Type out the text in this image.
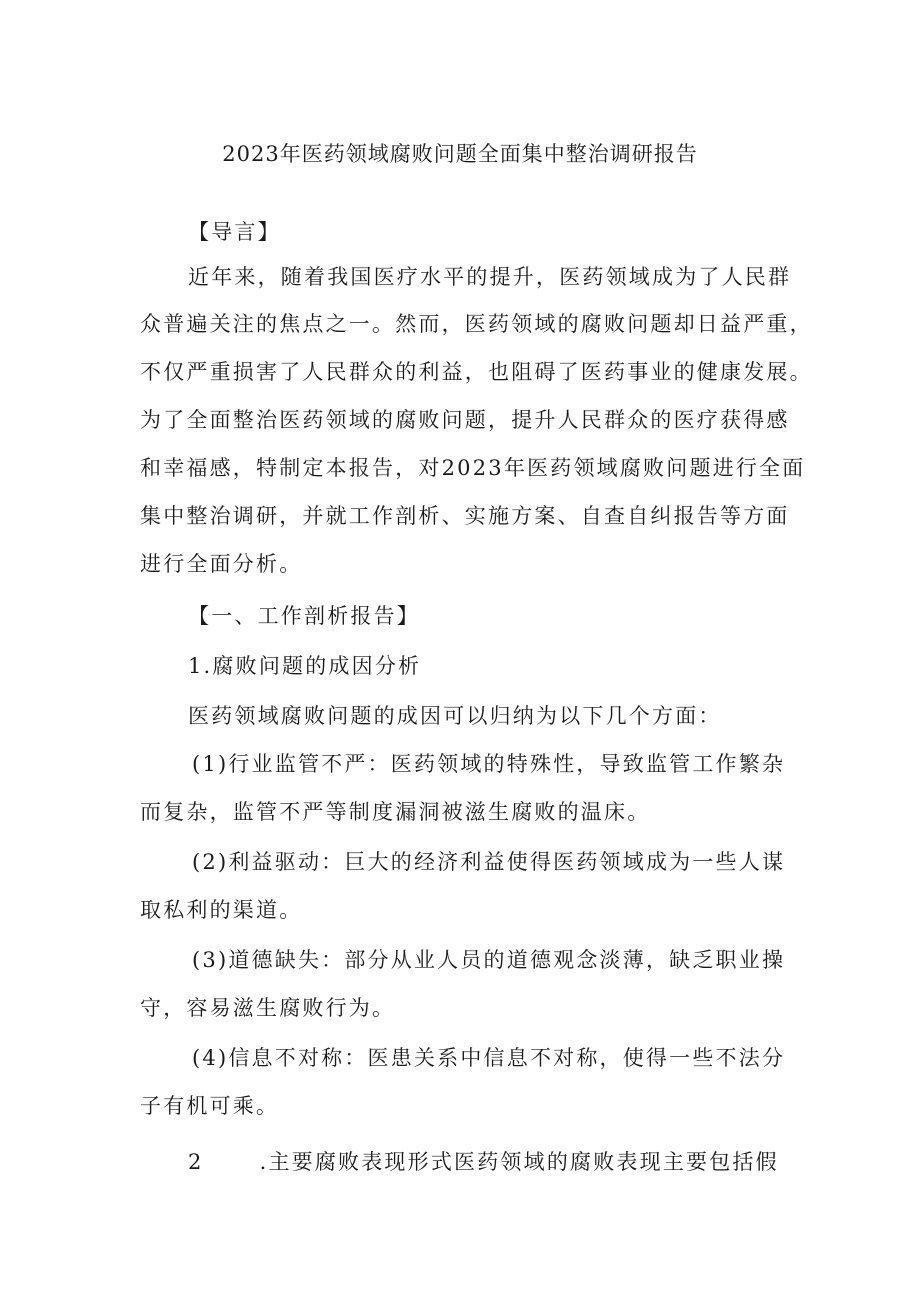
2023年医药领域腐败问题全面集中整治调研报告
【导言】
近年来，随着我国医疗水平的提升，医药领域成为了人民群
众普遍关注的焦点之一。然而，医药领域的腐败问题却日益严重，
不仅严重损害了人民群众的利益，也阻碍了医药事业的健康发展。
为了全面整治医药领域的腐败问题，提升人民群众的医疗获得感
和幸福感，特制定本报告，对2023年医药领域腐败问题进行全面
集中整治调研，并就工作剖析、实施方案、自查自纠报告等方面
进行全面分析。
【一、工作剖析报告】
1.腐败问题的成因分析
医药领域腐败问题的成因可以归纳为以下几个方面：
(1)行业监管不严：医药领域的特殊性，导致监管工作繁杂
而复杂，监管不严等制度漏洞被滋生腐败的温床。
(2)利益驱动：巨大的经济利益使得医药领域成为一些人谋
取私利的渠道。
(3)道德缺失：部分从业人员的道德观念淡薄，缺乏职业操
守，容易滋生腐败行为。
(4)信息不对称：医患关系中信息不对称，使得一些不法分
子有机可乘。
2	.主要腐败表现形式医药领域的腐败表现主要包括假
